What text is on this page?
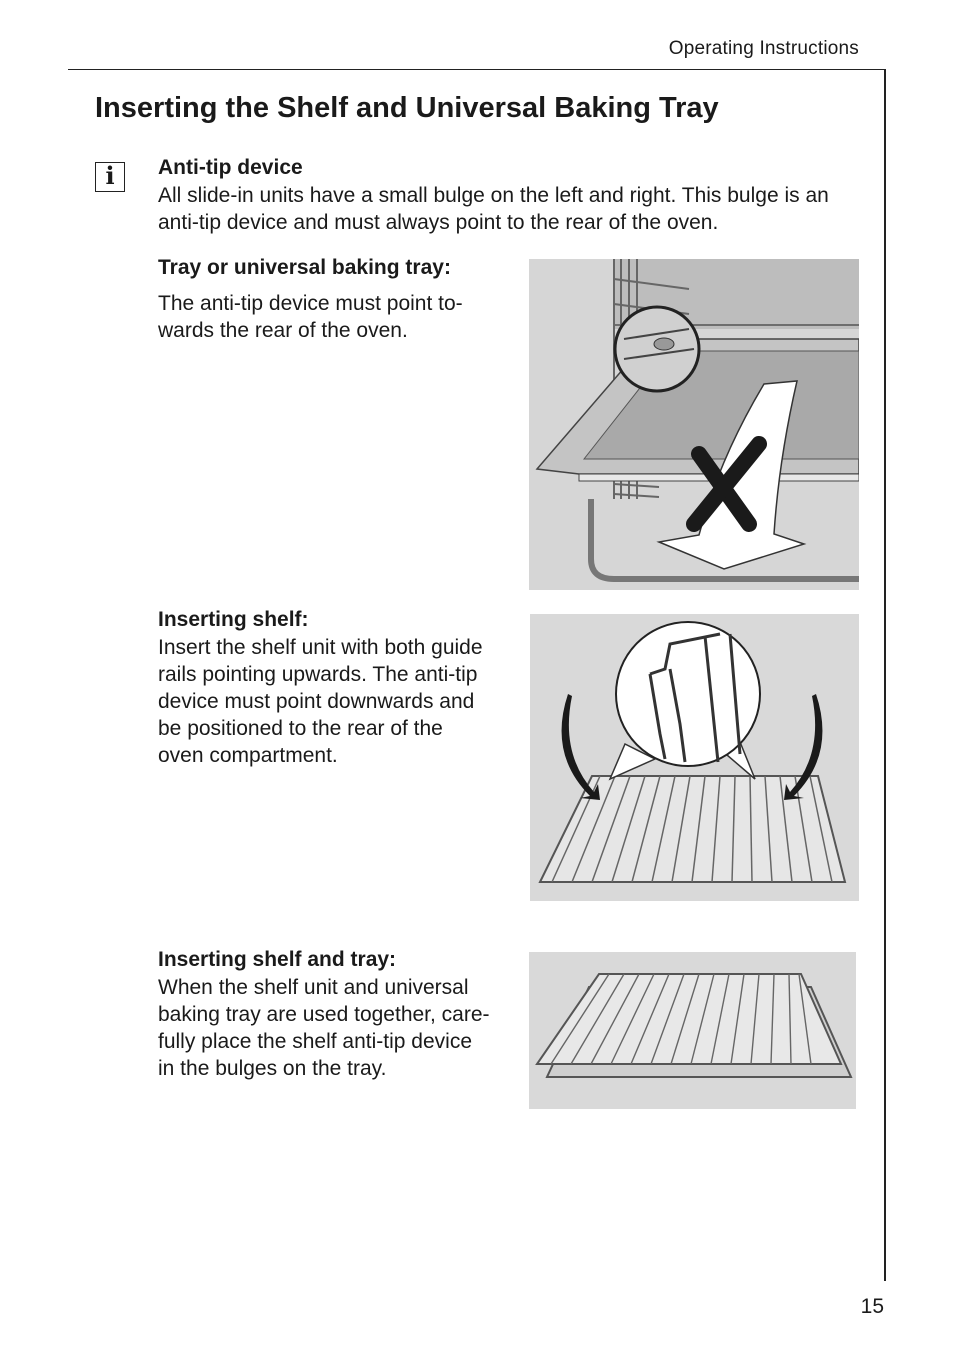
Operating Instructions
Inserting the Shelf and Universal Baking Tray
i	Anti-tip device
All slide-in units have a small bulge on the left and right. This bulge is an anti-tip device and must always point to the rear of the oven.
Tray or universal baking tray:
The anti-tip device must point to-
wards the rear of the oven.
Inserting shelf:
Insert the shelf unit with both guide
rails pointing upwards. The anti-tip
device must point downwards and
be positioned to the rear of the
oven compartment.
Inserting shelf and tray:
When the shelf unit and universal
baking tray are used together, care-
fully place the shelf anti-tip device
in the bulges on the tray.
15
